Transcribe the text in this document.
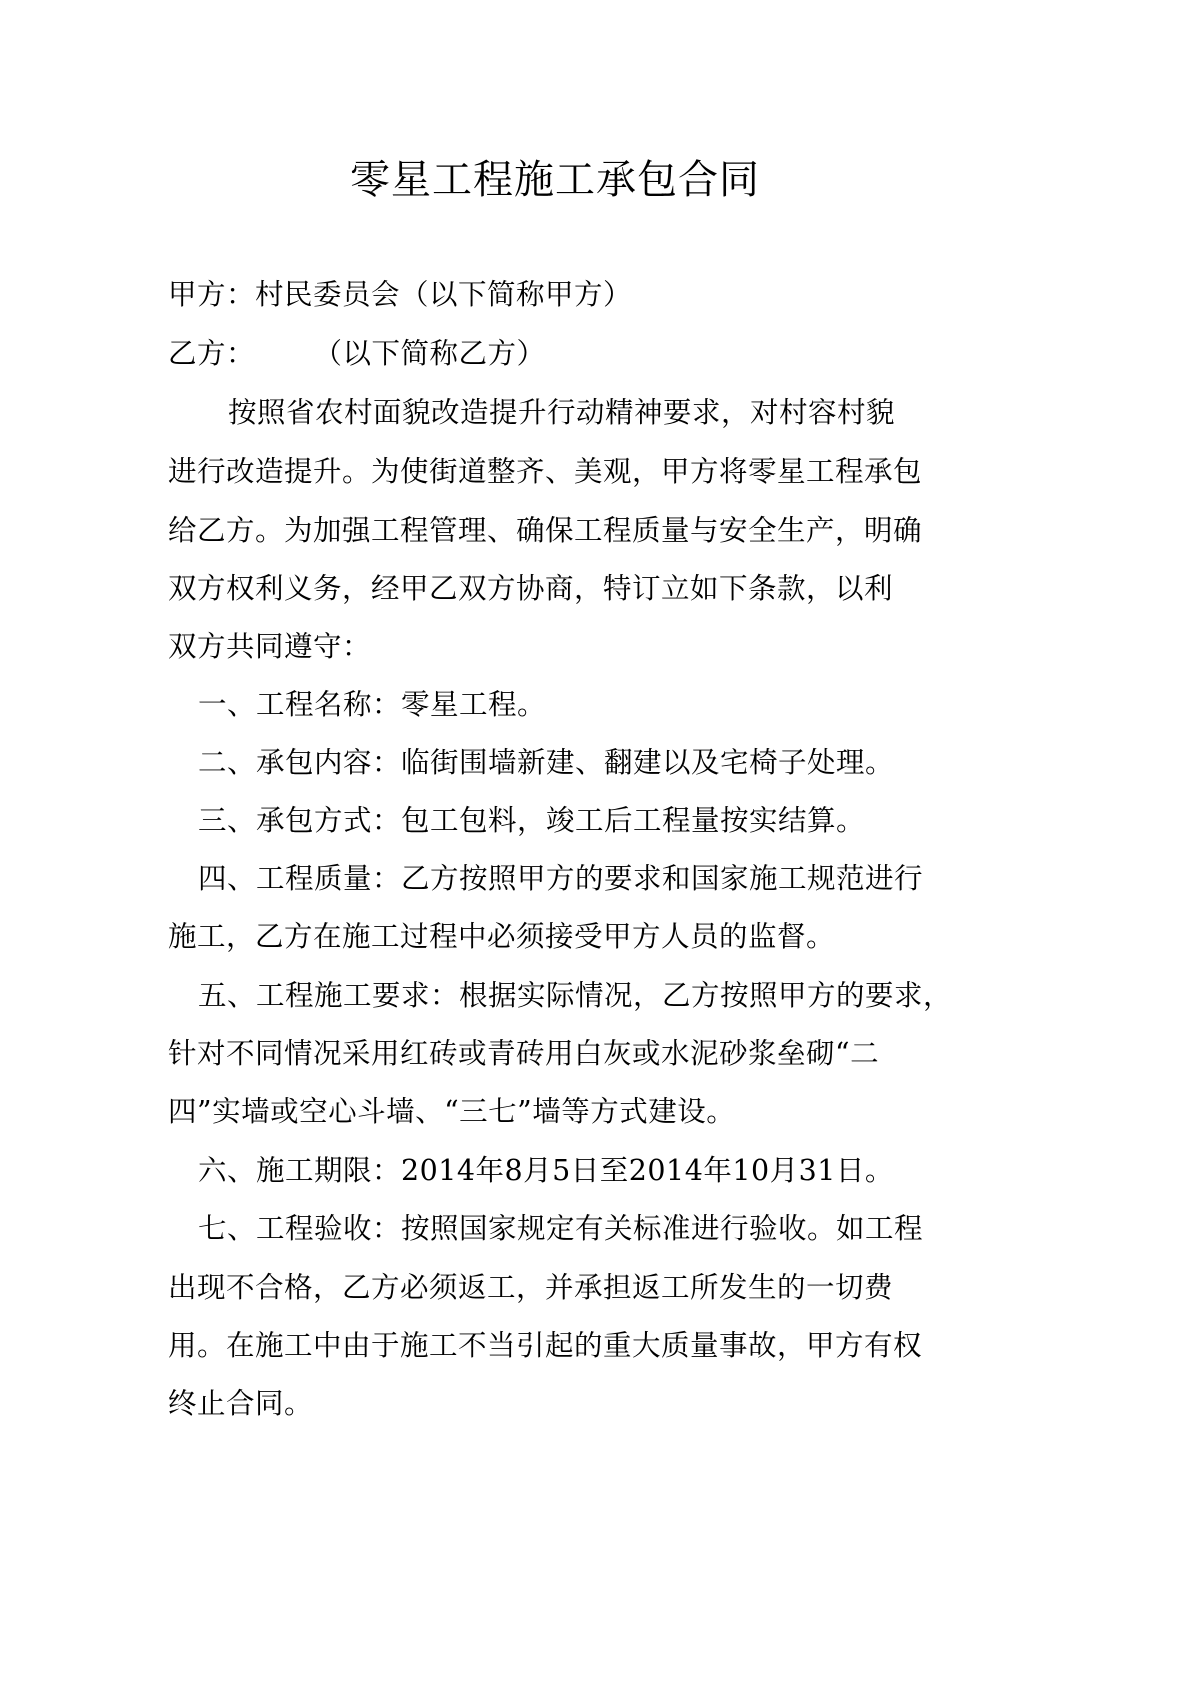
零星工程施工承包合同
甲方：村民委员会（以下简称甲方）
乙方：　　　（以下简称乙方）
按照省农村面貌改造提升行动精神要求，对村容村貌
进行改造提升。为使街道整齐、美观，甲方将零星工程承包
给乙方。为加强工程管理、确保工程质量与安全生产，明确
双方权利义务，经甲乙双方协商，特订立如下条款，以利
双方共同遵守：
一、工程名称：零星工程。
二、承包内容：临街围墙新建、翻建以及宅椅子处理。
三、承包方式：包工包料，竣工后工程量按实结算。
四、工程质量：乙方按照甲方的要求和国家施工规范进行
施工，乙方在施工过程中必须接受甲方人员的监督。
五、工程施工要求：根据实际情况，乙方按照甲方的要求，
针对不同情况采用红砖或青砖用白灰或水泥砂浆垒砌“二
四”实墙或空心斗墙、“三七”墙等方式建设。
六、施工期限：2014年8月5日至2014年10月31日。
七、工程验收：按照国家规定有关标准进行验收。如工程
出现不合格，乙方必须返工，并承担返工所发生的一切费
用。在施工中由于施工不当引起的重大质量事故，甲方有权
终止合同。
